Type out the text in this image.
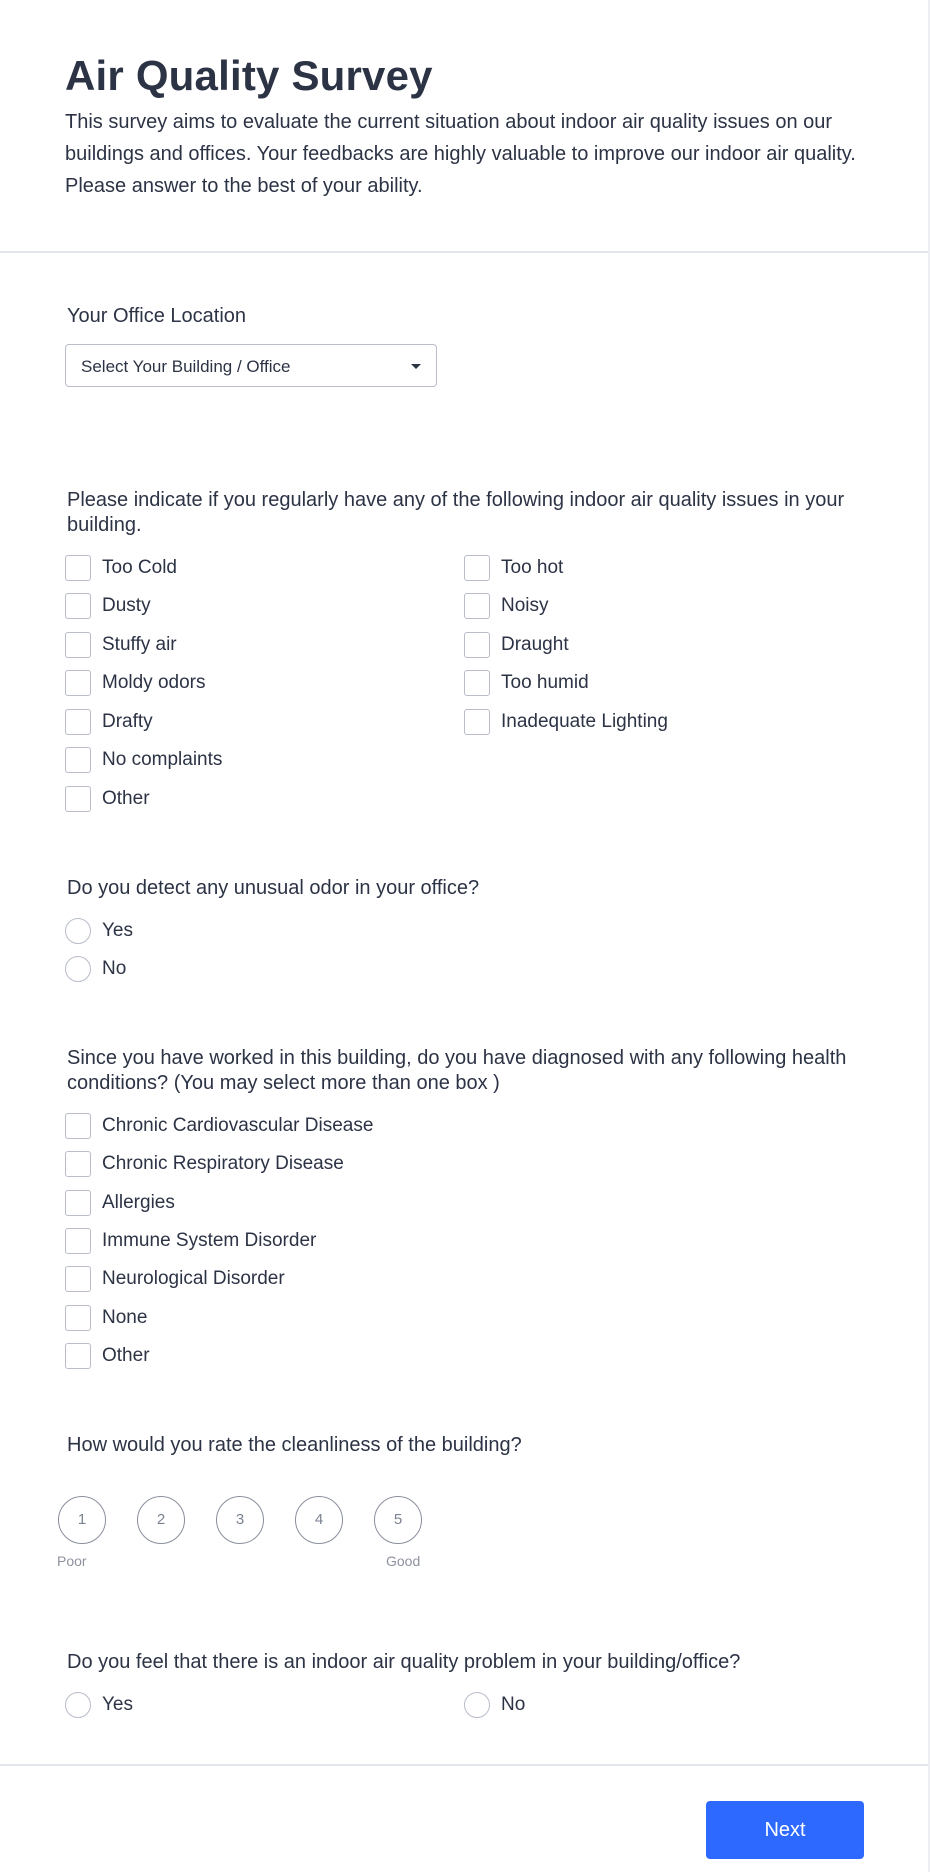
Air Quality Survey

This survey aims to evaluate the current situation about indoor air quality issues on our buildings and offices. Your feedbacks are highly valuable to improve our indoor air quality. Please answer to the best of your ability.

Your Office Location
Select Your Building / Office
Please indicate if you regularly have any of the following indoor air quality issues in your building.
Too Cold
Dusty
Stuffy air
Moldy odors
Drafty
No complaints
Other
Too hot
Noisy
Draught
Too humid
Inadequate Lighting
Do you detect any unusual odor in your office?
Yes
No
Since you have worked in this building, do you have diagnosed with any following health conditions? (You may select more than one box )
Chronic Cardiovascular Disease
Chronic Respiratory Disease
Allergies
Immune System Disorder
Neurological Disorder
None
Other
How would you rate the cleanliness of the building?
1	2	3	4	5
Poor	Good
Do you feel that there is an indoor air quality problem in your building/office?
Yes	No
Next
